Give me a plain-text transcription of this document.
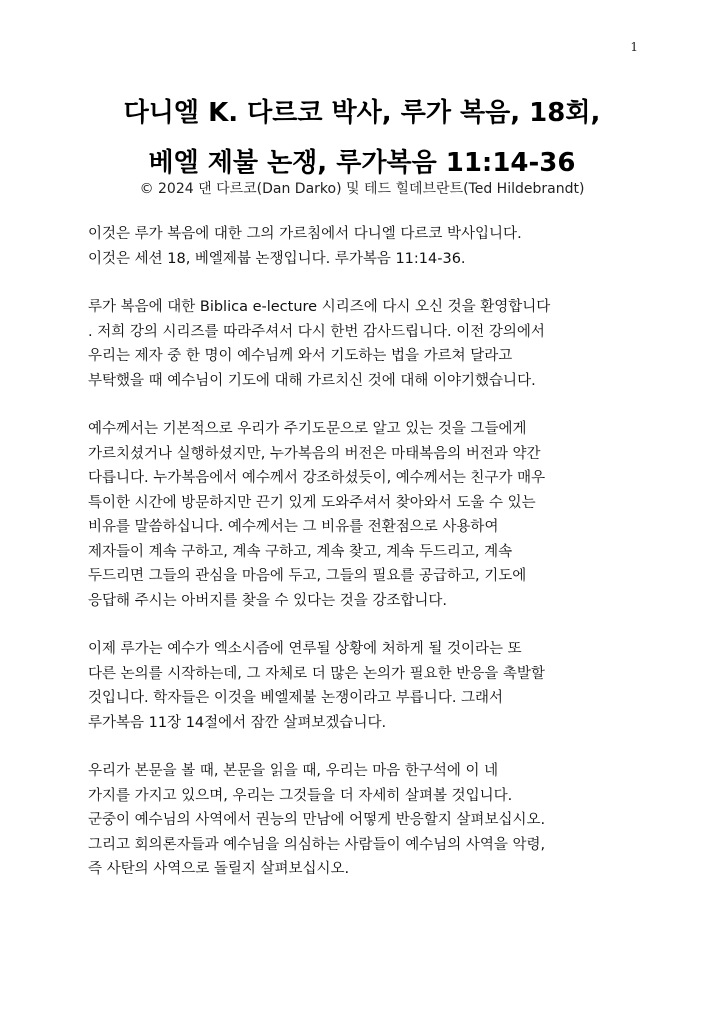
1
다니엘 K. 다르코 박사, 루가 복음, 18회,
베엘 제불 논쟁, 루가복음 11:14-36
© 2024 댄 다르코(Dan Darko) 및 테드 힐데브란트(Ted Hildebrandt)
이것은 루가 복음에 대한 그의 가르침에서 다니엘 다르코 박사입니다.
이것은 세션 18, 베엘제붑 논쟁입니다. 루가복음 11:14-36.
루가 복음에 대한 Biblica e-lecture 시리즈에 다시 오신 것을 환영합니다
. 저희 강의 시리즈를 따라주셔서 다시 한번 감사드립니다. 이전 강의에서
우리는 제자 중 한 명이 예수님께 와서 기도하는 법을 가르쳐 달라고
부탁했을 때 예수님이 기도에 대해 가르치신 것에 대해 이야기했습니다.
예수께서는 기본적으로 우리가 주기도문으로 알고 있는 것을 그들에게
가르치셨거나 실행하셨지만, 누가복음의 버전은 마태복음의 버전과 약간
다릅니다. 누가복음에서 예수께서 강조하셨듯이, 예수께서는 친구가 매우
특이한 시간에 방문하지만 끈기 있게 도와주셔서 찾아와서 도울 수 있는
비유를 말씀하십니다. 예수께서는 그 비유를 전환점으로 사용하여
제자들이 계속 구하고, 계속 구하고, 계속 찾고, 계속 두드리고, 계속
두드리면 그들의 관심을 마음에 두고, 그들의 필요를 공급하고, 기도에
응답해 주시는 아버지를 찾을 수 있다는 것을 강조합니다.
이제 루가는 예수가 엑소시즘에 연루될 상황에 처하게 될 것이라는 또
다른 논의를 시작하는데, 그 자체로 더 많은 논의가 필요한 반응을 촉발할
것입니다. 학자들은 이것을 베엘제불 논쟁이라고 부릅니다. 그래서
루가복음 11장 14절에서 잠깐 살펴보겠습니다.
우리가 본문을 볼 때, 본문을 읽을 때, 우리는 마음 한구석에 이 네
가지를 가지고 있으며, 우리는 그것들을 더 자세히 살펴볼 것입니다.
군중이 예수님의 사역에서 권능의 만남에 어떻게 반응할지 살펴보십시오.
그리고 회의론자들과 예수님을 의심하는 사람들이 예수님의 사역을 악령,
즉 사탄의 사역으로 돌릴지 살펴보십시오.
